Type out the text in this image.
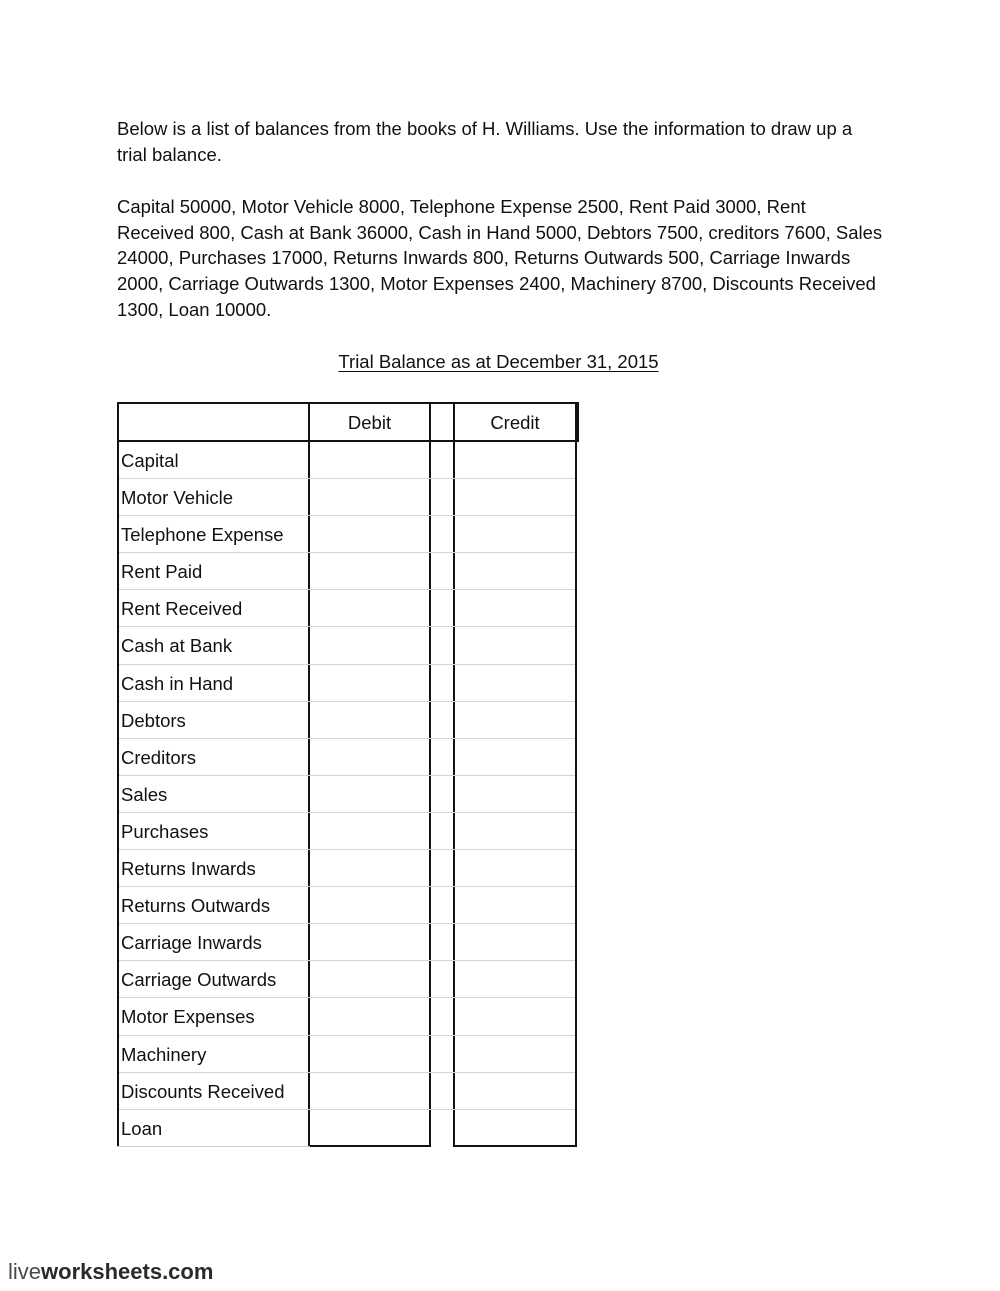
Below is a list of balances from the books of H. Williams. Use the information to draw up a trial balance.

Capital 50000, Motor Vehicle 8000, Telephone Expense 2500, Rent Paid 3000, Rent Received 800, Cash at Bank 36000, Cash in Hand 5000, Debtors 7500, creditors 7600, Sales 24000, Purchases 17000, Returns Inwards 800, Returns Outwards 500, Carriage Inwards 2000, Carriage Outwards 1300, Motor Expenses 2400, Machinery 8700, Discounts Received 1300, Loan 10000.

Trial Balance as at December 31, 2015

Debit	Credit
Capital
Motor Vehicle
Telephone Expense
Rent Paid
Rent Received
Cash at Bank
Cash in Hand
Debtors
Creditors
Sales
Purchases
Returns Inwards
Returns Outwards
Carriage Inwards
Carriage Outwards
Motor Expenses
Machinery
Discounts Received
Loan
liveworksheets.com
